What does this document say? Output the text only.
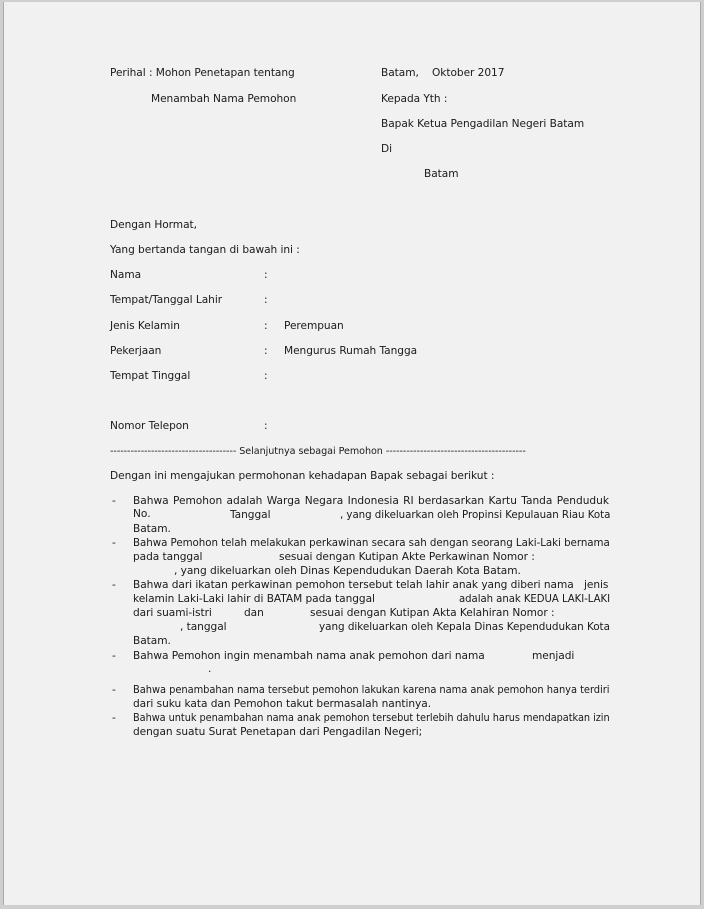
Perihal : Mohon Penetapan tentang
Menambah Nama Pemohon
Batam, Oktober 2017
Kepada Yth :
Bapak Ketua Pengadilan Negeri Batam
Di
Batam
Dengan Hormat,
Yang bertanda tangan di bawah ini :
Nama	:
Tempat/Tanggal Lahir	:
Jenis Kelamin	: Perempuan
Pekerjaan	: Mengurus Rumah Tangga
Tempat Tinggal	:
Nomor Telepon	:
------------------------------------- Selanjutnya sebagai Pemohon -----------------------------------------
Dengan ini mengajukan permohonan kehadapan Bapak sebagai berikut :
- Bahwa Pemohon adalah Warga Negara Indonesia RI berdasarkan Kartu Tanda Penduduk No.	Tanggal	, yang dikeluarkan oleh Propinsi Kepulauan Riau Kota
Batam.
- Bahwa Pemohon telah melakukan perkawinan secara sah dengan seorang Laki-Laki bernama
pada tanggal	sesuai dengan Kutipan Akte Perkawinan Nomor :
, yang dikeluarkan oleh Dinas Kependudukan Daerah Kota Batam.
- Bahwa dari ikatan perkawinan pemohon tersebut telah lahir anak yang diberi nama jenis
kelamin Laki-Laki lahir di BATAM pada tanggal	adalah anak KEDUA LAKI-LAKI
dari suami-istri	dan	sesuai dengan Kutipan Akta Kelahiran Nomor :
, tanggal	yang dikeluarkan oleh Kepala Dinas Kependudukan Kota
Batam.
- Bahwa Pemohon ingin menambah nama anak pemohon dari nama	menjadi
.
- Bahwa penambahan nama tersebut pemohon lakukan karena nama anak pemohon hanya terdiri
dari suku kata dan Pemohon takut bermasalah nantinya.
- Bahwa untuk penambahan nama anak pemohon tersebut terlebih dahulu harus mendapatkan izin
dengan suatu Surat Penetapan dari Pengadilan Negeri;
